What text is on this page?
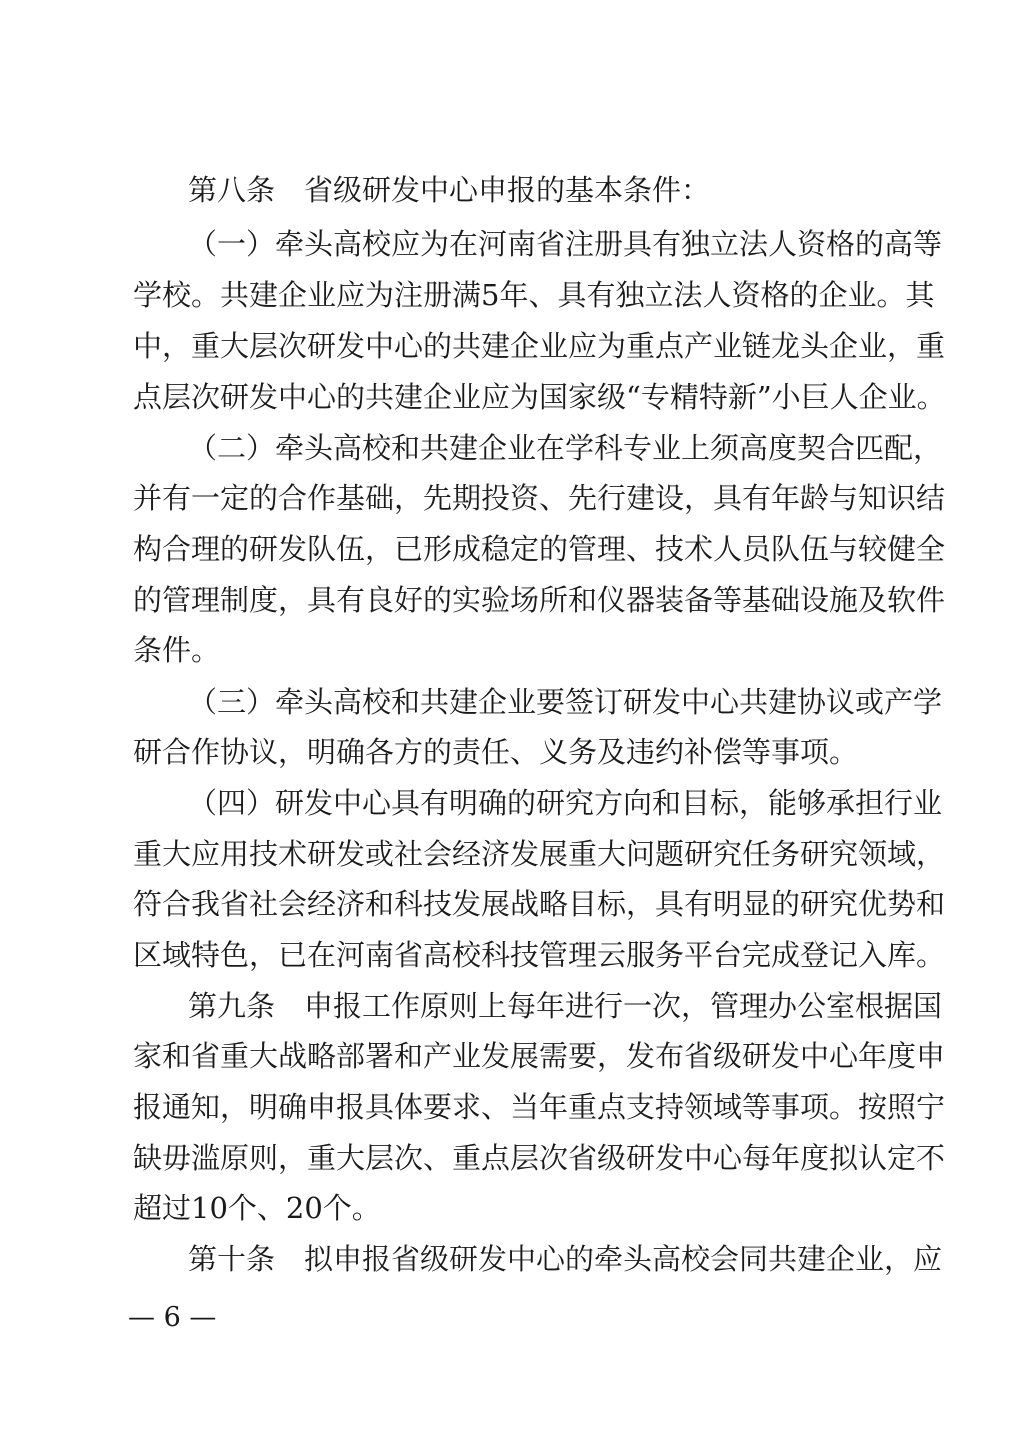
第八条　省级研发中心申报的基本条件：
（一）牵头高校应为在河南省注册具有独立法人资格的高等
学校。共建企业应为注册满5年、具有独立法人资格的企业。其
中，重大层次研发中心的共建企业应为重点产业链龙头企业，重
点层次研发中心的共建企业应为国家级“专精特新”小巨人企业。
（二）牵头高校和共建企业在学科专业上须高度契合匹配，
并有一定的合作基础，先期投资、先行建设，具有年龄与知识结
构合理的研发队伍，已形成稳定的管理、技术人员队伍与较健全
的管理制度，具有良好的实验场所和仪器装备等基础设施及软件
条件。
（三）牵头高校和共建企业要签订研发中心共建协议或产学
研合作协议，明确各方的责任、义务及违约补偿等事项。
（四）研发中心具有明确的研究方向和目标，能够承担行业
重大应用技术研发或社会经济发展重大问题研究任务研究领域，
符合我省社会经济和科技发展战略目标，具有明显的研究优势和
区域特色，已在河南省高校科技管理云服务平台完成登记入库。
第九条　申报工作原则上每年进行一次，管理办公室根据国
家和省重大战略部署和产业发展需要，发布省级研发中心年度申
报通知，明确申报具体要求、当年重点支持领域等事项。按照宁
缺毋滥原则，重大层次、重点层次省级研发中心每年度拟认定不
超过10个、20个。
第十条　拟申报省级研发中心的牵头高校会同共建企业，应
— 6 —
